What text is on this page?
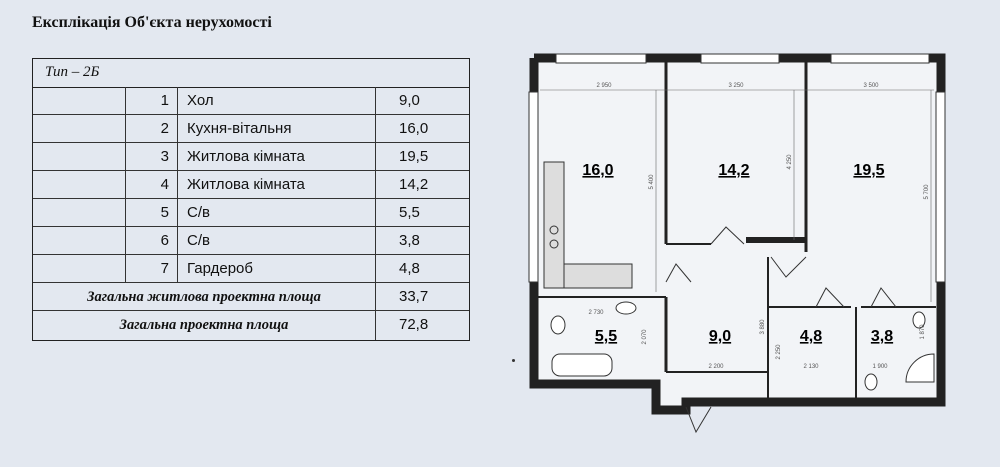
Експлікація Об'єкта нерухомості
Тип – 2Б
1	Хол	9,0
2	Кухня-вітальня	16,0
3	Житлова кімната	19,5
4	Житлова кімната	14,2
5	С/в	5,5
6	С/в	3,8
7	Гардероб	4,8
Загальна житлова проектна площа	33,7
Загальна проектна площа	72,8
16,0	14,2	19,5
5,5	9,0	4,8	3,8
2 950	3 250	3 500
5 400
4 250
5 700
2 730
2 070
3 880
2 200
2 250
2 130
1 870
1 900
